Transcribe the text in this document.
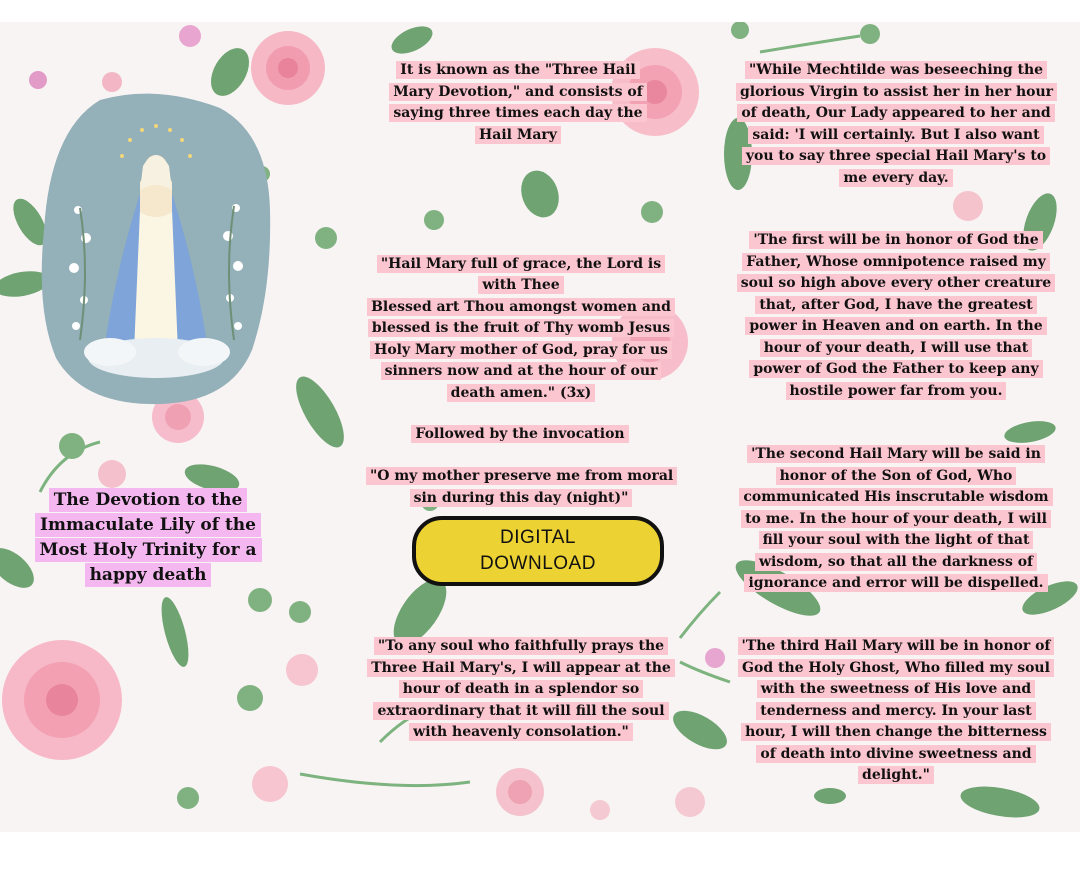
It is known as the "Three Hail Mary Devotion," and consists of saying three times each day the Hail Mary

"Hail Mary full of grace, the Lord is with Thee
Blessed art Thou amongst women and blessed is the fruit of Thy womb Jesus
Holy Mary mother of God, pray for us sinners now and at the hour of our death amen." (3x)

Followed by the invocation
"O my mother preserve me from moral sin during this day (night)"
DIGITAL
DOWNLOAD
"To any soul who faithfully prays the Three Hail Mary's, I will appear at the hour of death in a splendor so extraordinary that it will fill the soul with heavenly consolation."
"While Mechtilde was beseeching the glorious Virgin to assist her in her hour of death, Our Lady appeared to her and said: 'I will certainly. But I also want you to say three special Hail Mary's to me every day.
'The first will be in honor of God the Father, Whose omnipotence raised my soul so high above every other creature that, after God, I have the greatest power in Heaven and on earth. In the hour of your death, I will use that power of God the Father to keep any hostile power far from you.
'The second Hail Mary will be said in honor of the Son of God, Who communicated His inscrutable wisdom to me. In the hour of your death, I will fill your soul with the light of that wisdom, so that all the darkness of ignorance and error will be dispelled.
'The third Hail Mary will be in honor of God the Holy Ghost, Who filled my soul with the sweetness of His love and tenderness and mercy. In your last hour, I will then change the bitterness of death into divine sweetness and delight."
The Devotion to the Immaculate Lily of the Most Holy Trinity for a happy death
